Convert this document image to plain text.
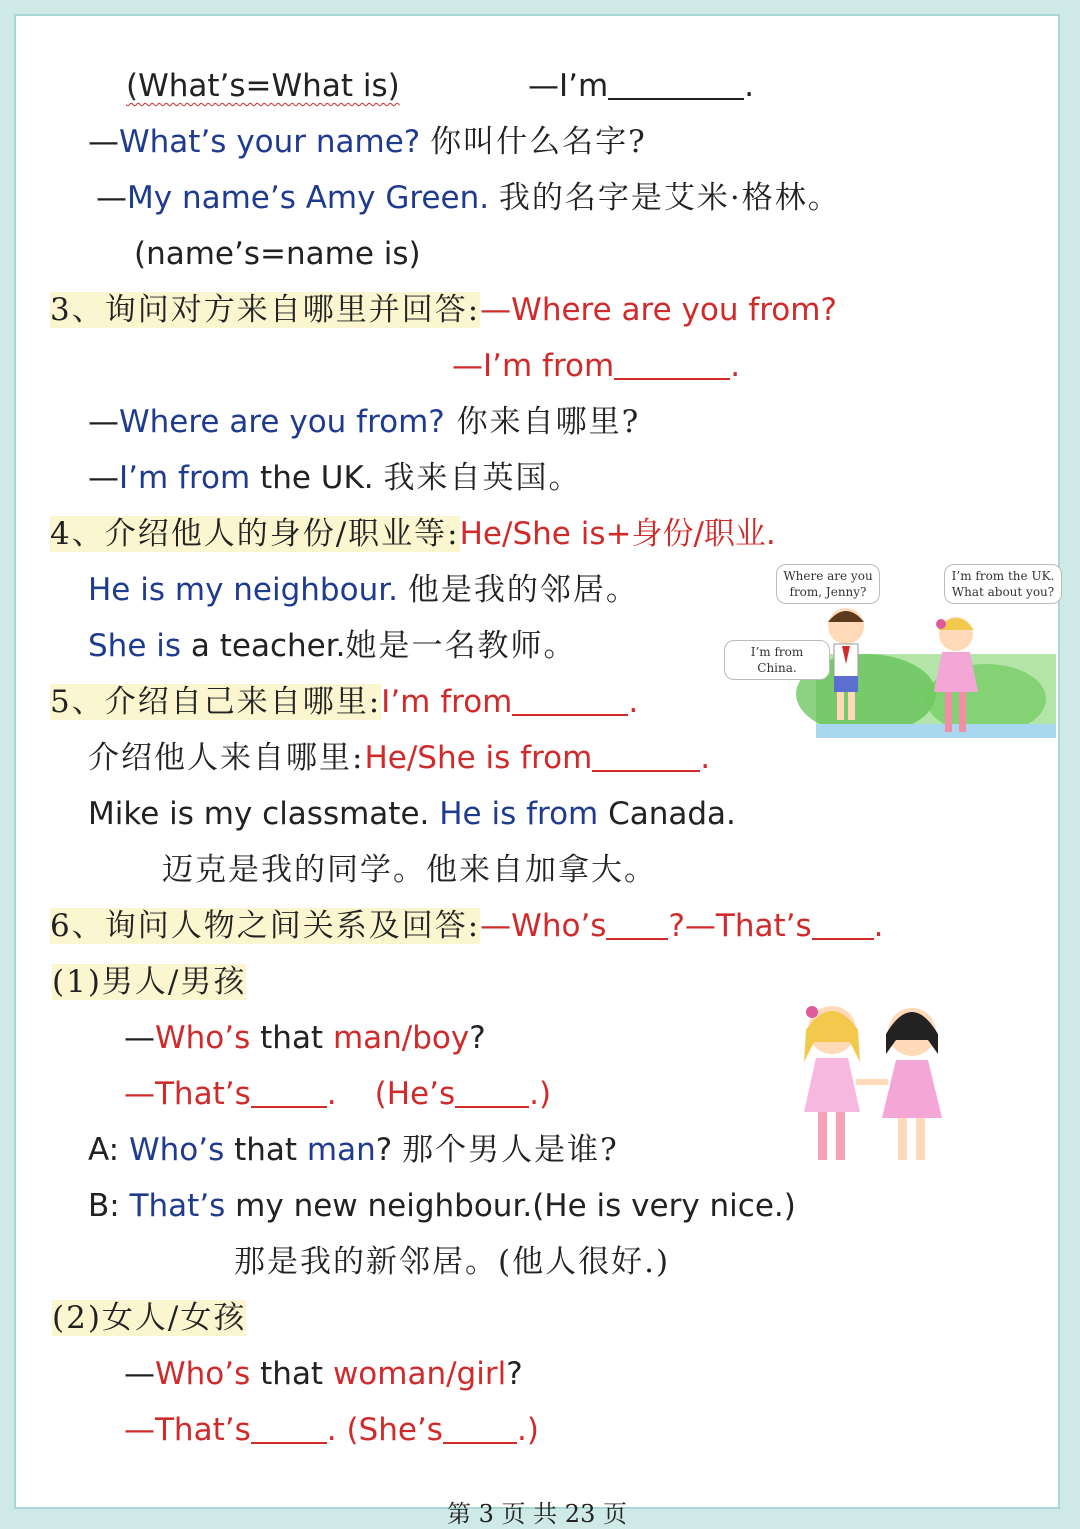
(What’s=What is)	—I’m	.
—What’s your name? 你叫什么名字?
—My name’s Amy Green. 我的名字是艾米·格林。
(name’s=name is)
3、询问对方来自哪里并回答:—Where are you from?
—I’m from	.
—Where are you from? 你来自哪里?
—I’m from the UK. 我来自英国。
4、介绍他人的身份/职业等:He/She is+身份/职业.
He is my neighbour. 他是我的邻居。
She is a teacher.她是一名教师。
5、介绍自己来自哪里:I’m from	.
介绍他人来自哪里:He/She is from	.
Mike is my classmate. He is from Canada.
迈克是我的同学。他来自加拿大。
6、询问人物之间关系及回答:—Who’s ?—That’s .
(1)男人/男孩
—Who’s that man/boy?
—That’s . (He’s .)
A: Who’s that man? 那个男人是谁?
B: That’s my new neighbour.(He is very nice.)
那是我的新邻居。(他人很好.)
(2)女人/女孩
—Who’s that woman/girl?
—That’s . (She’s .)
Where are you from, Jenny?
I’m from the UK. What about you?
I’m from China.
第 3 页 共 23 页
